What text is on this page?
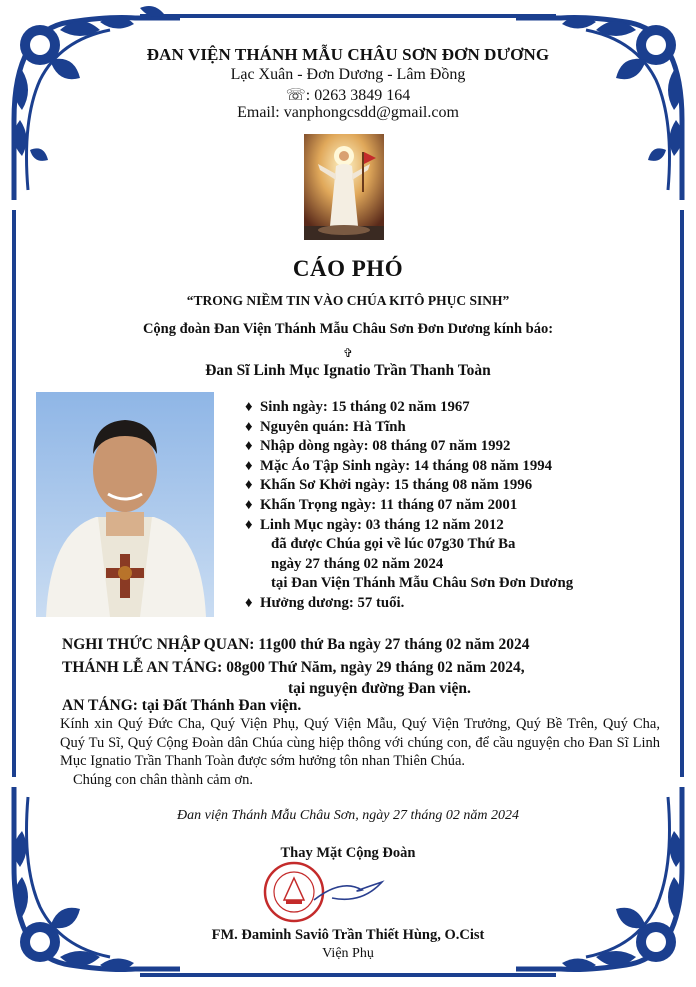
ĐAN VIỆN THÁNH MẪU CHÂU SƠN ĐƠN DƯƠNG
Lạc Xuân - Đơn Dương - Lâm Đồng
☏: 0263 3849 164
Email: vanphongcsdd@gmail.com
CÁO PHÓ
“TRONG NIỀM TIN VÀO CHÚA KITÔ PHỤC SINH”
Cộng đoàn Đan Viện Thánh Mẫu Châu Sơn Đơn Dương kính báo:
✞
Đan Sĩ Linh Mục Ignatio Trần Thanh Toàn
♦ Sinh ngày: 15 tháng 02 năm 1967
♦ Nguyên quán: Hà Tĩnh
♦ Nhập dòng ngày: 08 tháng 07 năm 1992
♦ Mặc Áo Tập Sinh ngày: 14 tháng 08 năm 1994
♦ Khấn Sơ Khởi ngày: 15 tháng 08 năm 1996
♦ Khấn Trọng ngày: 11 tháng 07 năm 2001
♦ Linh Mục ngày: 03 tháng 12 năm 2012
đã được Chúa gọi về lúc 07g30 Thứ Ba
ngày 27 tháng 02 năm 2024
tại Đan Viện Thánh Mẫu Châu Sơn Đơn Dương
♦ Hưởng dương: 57 tuổi.
NGHI THỨC NHẬP QUAN: 11g00 thứ Ba ngày 27 tháng 02 năm 2024
THÁNH LỄ AN TÁNG: 08g00 Thứ Năm, ngày 29 tháng 02 năm 2024,
tại nguyện đường Đan viện.
AN TÁNG: tại Đất Thánh Đan viện.
Kính xin Quý Đức Cha, Quý Viện Phụ, Quý Viện Mẫu, Quý Viện Trưởng, Quý Bề Trên, Quý Cha, Quý Tu Sĩ, Quý Cộng Đoàn dân Chúa cùng hiệp thông với chúng con, để cầu nguyện cho Đan Sĩ Linh Mục Ignatio Trần Thanh Toàn được sớm hưởng tôn nhan Thiên Chúa.
Chúng con chân thành cảm ơn.
Đan viện Thánh Mẫu Châu Sơn, ngày 27 tháng 02 năm 2024
Thay Mặt Cộng Đoàn
FM. Đaminh Saviô Trần Thiết Hùng, O.Cist
Viện Phụ
